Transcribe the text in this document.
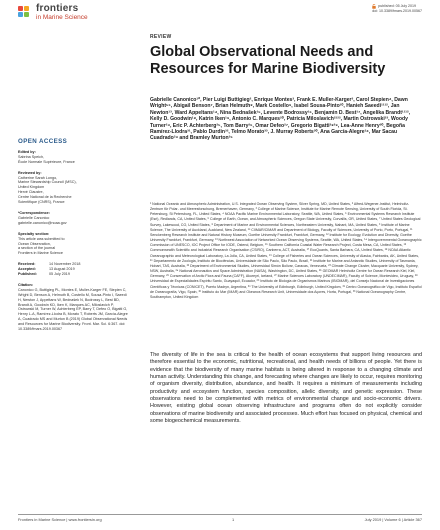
frontiers
in Marine Science
published: 05 July 2019
doi: 10.3389/fmars.2019.00567
REVIEW
Global Observational Needs and Resources for Marine Biodiversity
Gabrielle Canonico¹*, Pier Luigi Buttigieg², Enrique Montes³, Frank E. Muller-Karger³, Carol Stepien⁴, Dawn Wright⁵⁶, Abigail Benson⁷, Brian Helmuth⁸, Mark Costello⁹, Isabel Sousa-Pinto¹⁰, Hanieh Saeedi¹¹¹², Jan Newton¹³, Ward Appeltans¹⁴, Nina Bednašek¹⁵, Levente Bodrossy¹⁶, Benjamin D. Best¹⁷, Angelika Brandt¹¹¹², Kelly D. Goodwin¹⁸, Katrin Iken¹⁹, Antonio C. Marques²⁰, Patricia Miloslavich²¹²², Martin Ostrowski²³, Woody Turner²⁴, Eric P. Achterberg²⁵, Tom Barry²⁶, Omar Defeo²⁷, Gregorio Bigatti²⁸²⁹, Lea-Anne Henry³⁰, Begoña Ramírez-Llodra³¹, Pablo Durdin³², Telmo Morato³³, J. Murray Roberts³⁰, Ana García-Alegre³⁴, Mar Sacau Cuadrado³⁴ and Bramley Murton³⁵
¹ National Oceanic and Atmospheric Administration, U.S. Integrated Ocean Observing System, Silver Spring, MD, United States, ² Alfred-Wegener-Institut, Helmholtz-Zentrum für Polar- und Meeresforschung, Bremerhaven, Germany, ³ College of Marine Science, Institute for Marine Remote Sensing, University of South Florida, St. Petersburg, St Petersburg, FL, United States, ⁴ NOAA Pacific Marine Environmental Laboratory, Seattle, WA, United States, ⁵ Environmental Systems Research Institute (Esri), Redlands, CA, United States, ⁶ College of Earth, Ocean, and Atmospheric Sciences, Oregon State University, Corvallis, OR, United States, ⁷ United States Geological Survey, Lakewood, CO, United States, ⁸ Department of Marine and Environmental Sciences, Northeastern University, Nahant, MA, United States, ⁹ Institute of Marine Science, The University of Auckland, Auckland, New Zealand, ¹⁰ CIIMAR/CIMAR and Department of Biology, Faculty of Sciences, University of Porto, Porto, Portugal, ¹¹ Senckenberg Research Institute and Natural History Museum, Goethe University Frankfurt, Frankfurt, Germany, ¹² Institute for Ecology, Evolution and Diversity, Goethe University Frankfurt, Frankfurt, Germany, ¹³ Northwest Association of Networked Ocean Observing Systems, Seattle, WA, United States, ¹⁴ Intergovernmental Oceanographic Commission of UNESCO, IOC Project Office for IODE, Ostend, Belgium, ¹⁵ Southern California Coastal Water Research Project, Costa Mesa, CA, United States, ¹⁶ Commonwealth Scientific and Industrial Research Organisation (CSIRO), Canberra, ACT, Australia, ¹⁷ EcoQuants, Santa Barbara, CA, United States, ¹⁸ NOAA Atlantic Oceanographic and Meteorological Laboratory, La Jolla, CA, United States, ¹⁹ College of Fisheries and Ocean Sciences, University of Alaska, Fairbanks, AK, United States, ²⁰ Departamento de Zoologia, Instituto de Biociências, Universidade de São Paulo, São Paulo, Brazil, ²¹ Institute for Marine and Antarctic Studies, University of Tasmania, Hobart, TAS, Australia, ²² Department of Environmental Studies, Universidad Simón Bolívar, Caracas, Venezuela, ²³ Climate Change Cluster, Macquarie University, Sydney, NSW, Australia, ²⁴ National Aeronautics and Space Administration (NASA), Washington, DC, United States, ²⁵ GEOMAR Helmholtz Centre for Ocean Research Kiel, Kiel, Germany, ²⁶ Conservation of Arctic Flora and Fauna (CAFF), Akureyri, Iceland, ²⁷ Marine Sciences Laboratory (UNDECIMAR), Faculty of Science, Montevideo, Uruguay, ²⁸ Universidad de Especialidades Espíritu Santo, Guayaquil, Ecuador, ²⁹ Instituto de Biología de Organismos Marinos (IBIOMAR), del Consejo Nacional de Investigaciones Científicas y Técnicas (CONICET), Puerto Madryn, Argentina, ³⁰ The University of Edinburgh, Edinburgh, United Kingdom, ³¹ Centro Oceanográfico de Vigo, Instituto Español de Oceanografía, Vigo, Spain, ³² Instituto do Mar (IMAR) and Okeanos Research Unit, Universidade dos Açores, Horta, Portugal, ³³ National Oceanography Centre, Southampton, United Kingdom
OPEN ACCESS
Edited by:
Sabrina Speich,
École Normale Supérieure, France
Reviewed by:
Catherine Sarah Longo,
Marine Stewardship Council (MSC),
United Kingdom
Hervé Claustre,
Centre National de la Recherche
Scientifique (CNRS), France
*Correspondence:
Gabrielle Canonico
gabrielle.canonico@noaa.gov
Specialty section:
This article was submitted to
Ocean Observation,
a section of the journal
Frontiers in Marine Science
Received:	14 November 2018
Accepted:	13 August 2019
Published:	05 July 2019
Citation:
Canonico G, Buttigieg PL, Montes E, Muller-Karger FE, Stepien C, Wright D, Benson A, Helmuth B, Costello M, Sousa-Pinto I, Saeedi H, Newton J, Appeltans W, Bednašek N, Bodrossy L, Best BD, Brandt A, Goodwin KD, Iken K, Marques AC, Miloslavich P, Ostrowski M, Turner W, Achterberg EP, Barry T, Defeo O, Bigatti G, Henry L-A, Ramírez-Llodra B, Morato T, Roberts JM, García-Alegre A, Cuadrado MS and Murton B (2019) Global Observational Needs and Resources for Marine Biodiversity. Front. Mar. Sci. 6:367. doi: 10.3389/fmars.2019.00367
The diversity of life in the sea is critical to the health of ocean ecosystems that support living resources and therefore essential to the economic, nutritional, recreational, and health needs of billions of people. Yet there is evidence that the biodiversity of many marine habitats is being altered in response to a changing climate and human activity. Understanding this change, and forecasting where changes are likely to occur, requires monitoring of organism diversity, distribution, abundance, and health. It requires a minimum of measurements including productivity and ecosystem function, species composition, allelic diversity, and genetic expression. These observations need to be complemented with metrics of environmental change and socio-economic drivers. However, existing global ocean observing infrastructure and programs often do not explicitly consider observations of marine biodiversity and associated processes. Much effort has focused on physical, chemical and some biogeochemical measurements.
Frontiers in Marine Science | www.frontiersin.org	1	July 2019 | Volume 6 | Article 367
